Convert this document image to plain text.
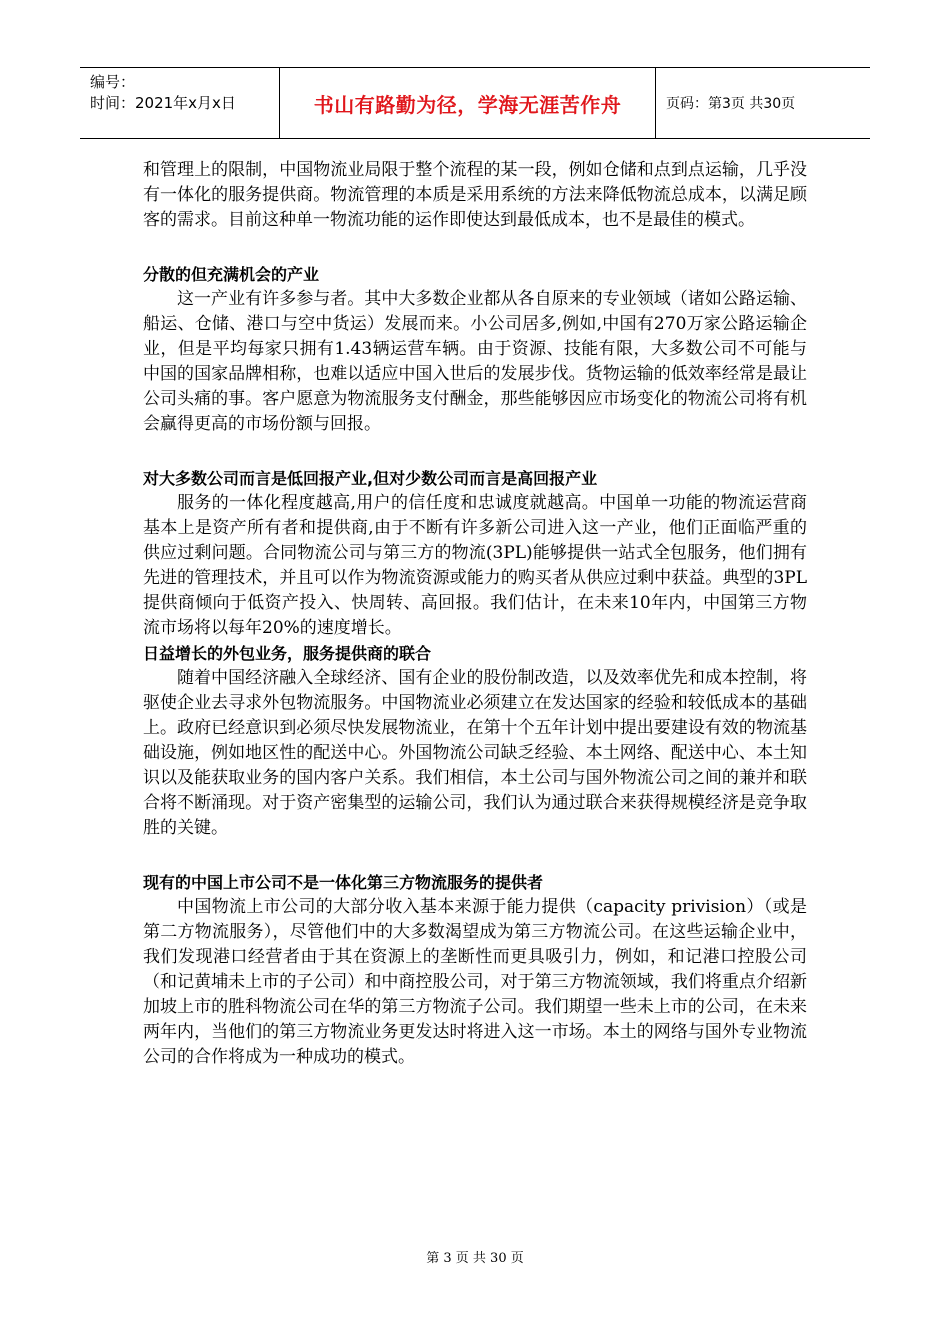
编号：
时间：2021年x月x日	书山有路勤为径，学海无涯苦作舟	页码：第3页 共30页

和管理上的限制，中国物流业局限于整个流程的某一段，例如仓储和点到点运输，几乎没有一体化的服务提供商。物流管理的本质是采用系统的方法来降低物流总成本，以满足顾客的需求。目前这种单一物流功能的运作即使达到最低成本，也不是最佳的模式。

分散的但充满机会的产业

这一产业有许多参与者。其中大多数企业都从各自原来的专业领域（诸如公路运输、船运、仓储、港口与空中货运）发展而来。小公司居多,例如,中国有270万家公路运输企业，但是平均每家只拥有1.43辆运营车辆。由于资源、技能有限，大多数公司不可能与中国的国家品牌相称，也难以适应中国入世后的发展步伐。货物运输的低效率经常是最让公司头痛的事。客户愿意为物流服务支付酬金，那些能够因应市场变化的物流公司将有机会赢得更高的市场份额与回报。

对大多数公司而言是低回报产业,但对少数公司而言是高回报产业

服务的一体化程度越高,用户的信任度和忠诚度就越高。中国单一功能的物流运营商基本上是资产所有者和提供商,由于不断有许多新公司进入这一产业，他们正面临严重的供应过剩问题。合同物流公司与第三方的物流(3PL)能够提供一站式全包服务，他们拥有先进的管理技术，并且可以作为物流资源或能力的购买者从供应过剩中获益。典型的3PL提供商倾向于低资产投入、快周转、高回报。我们估计，在未来10年内，中国第三方物流市场将以每年20%的速度增长。

日益增长的外包业务，服务提供商的联合

随着中国经济融入全球经济、国有企业的股份制改造，以及效率优先和成本控制，将驱使企业去寻求外包物流服务。中国物流业必须建立在发达国家的经验和较低成本的基础上。政府已经意识到必须尽快发展物流业，在第十个五年计划中提出要建设有效的物流基础设施，例如地区性的配送中心。外国物流公司缺乏经验、本土网络、配送中心、本土知识以及能获取业务的国内客户关系。我们相信，本土公司与国外物流公司之间的兼并和联合将不断涌现。对于资产密集型的运输公司，我们认为通过联合来获得规模经济是竞争取胜的关键。

现有的中国上市公司不是一体化第三方物流服务的提供者

中国物流上市公司的大部分收入基本来源于能力提供（capacity privision）（或是第二方物流服务），尽管他们中的大多数渴望成为第三方物流公司。在这些运输企业中，我们发现港口经营者由于其在资源上的垄断性而更具吸引力，例如，和记港口控股公司（和记黄埔未上市的子公司）和中商控股公司，对于第三方物流领域，我们将重点介绍新加坡上市的胜科物流公司在华的第三方物流子公司。我们期望一些未上市的公司，在未来两年内，当他们的第三方物流业务更发达时将进入这一市场。本土的网络与国外专业物流公司的合作将成为一种成功的模式。

第 3 页 共 30 页
